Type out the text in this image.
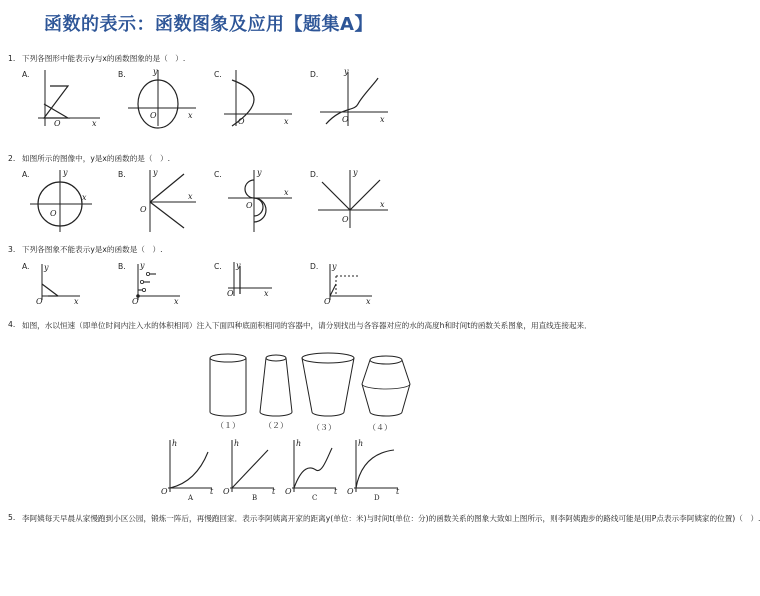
函数的表示：函数图象及应用【题集A】
1. 下列各图形中能表示y与x的函数图象的是（　）.
A.	B.	C.	D.
O	x
O	x
y
O	x	O	x
y
2. 如图所示的图像中，y是x的函数的是（　）.
A.	B.	C.	D.
O
x
y
O
x
y
O
x
y
O
x
y
3. 下列各图象不能表示y是x的函数是（　）.
A.	B.	C.	D.
O	x
y
O	x
y
O	x
y
O	x
y
4. 如图，水以恒速（即单位时间内注入水的体积相同）注入下面四种底面积相同的容器中，请分别找出与各容器对应的水的高度h和时间t的函数关系图象，用直线连接起来．
（１）	（２）	（３）	（４）
O
h
t
A
O
h
t
B
O
h
t
C
O
h
t
D
5. 李阿姨每天早晨从家慢跑到小区公园，锻炼一阵后，再慢跑回家．表示李阿姨离开家的距离y(单位：米)与时间t(单位：分)的函数关系的图象大致如上图所示，则李阿姨跑步的路线可能是(用P点表示李阿姨家的位置)（　）.
